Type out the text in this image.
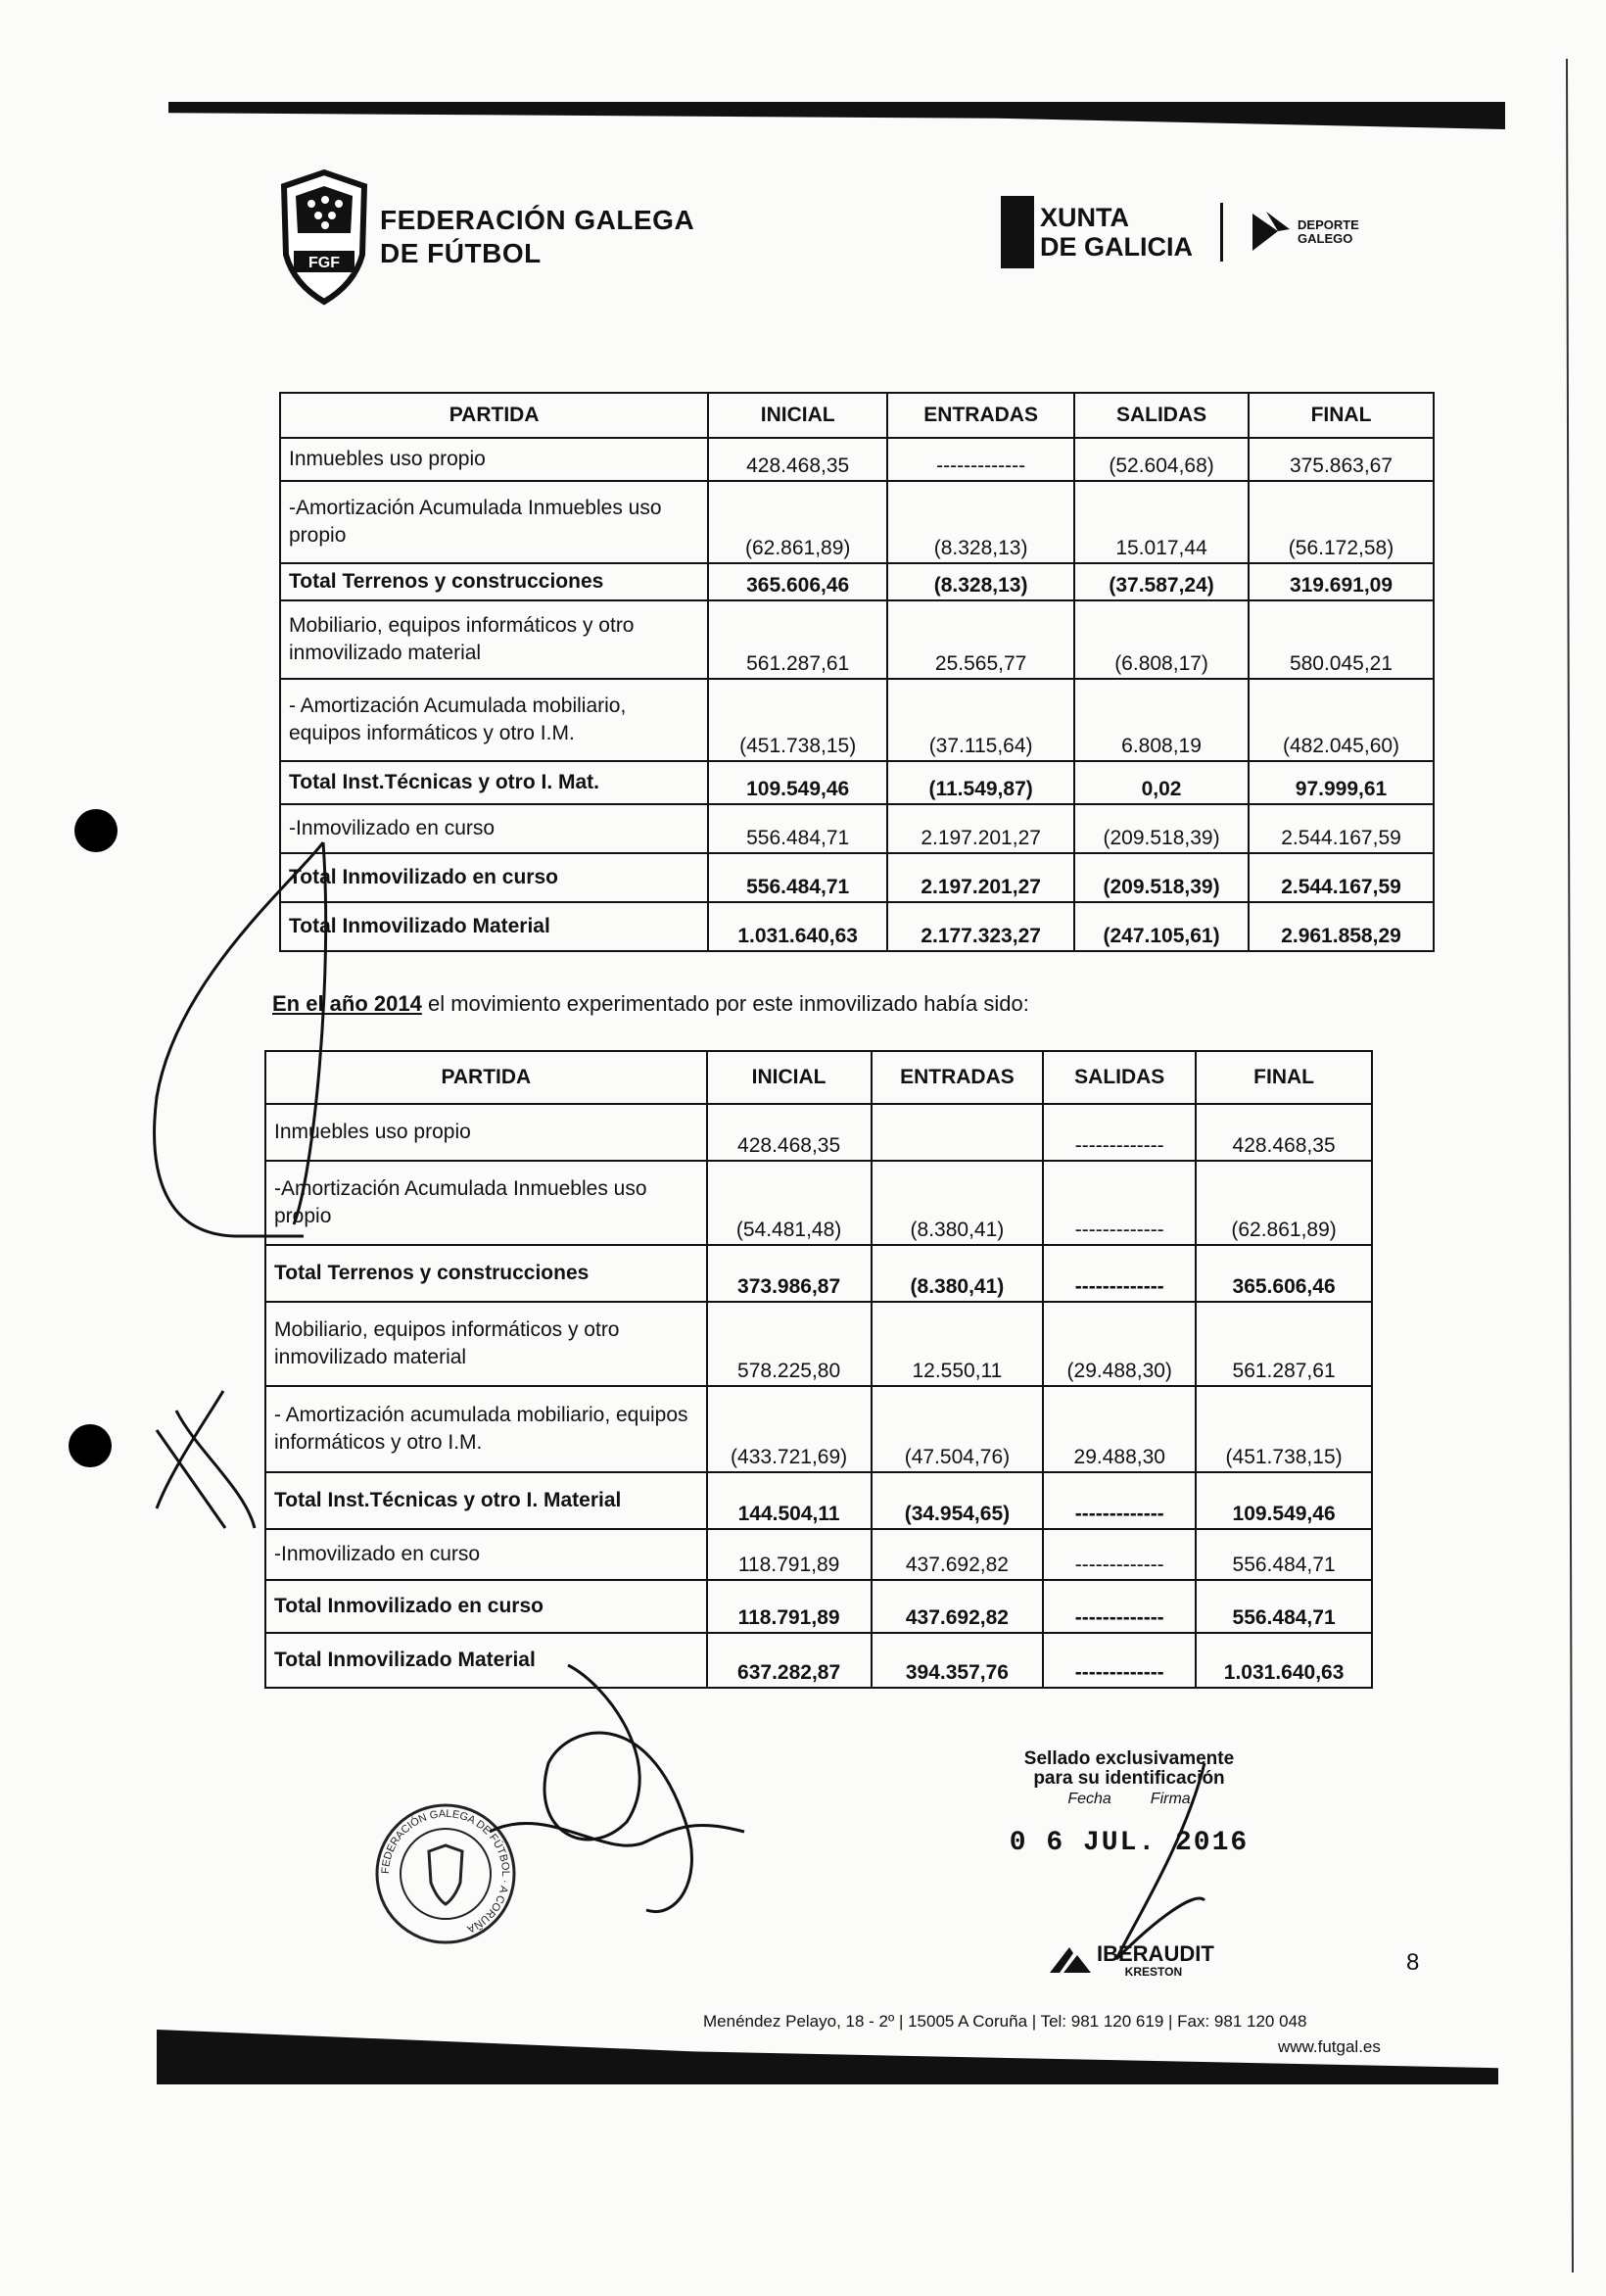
FGF
FEDERACIÓN GALEGA
DE FÚTBOL
XUNTA
DE GALICIA
DEPORTE
GALEGO
PARTIDA	INICIAL	ENTRADAS	SALIDAS	FINAL
Inmuebles uso propio	428.468,35	-------------	(52.604,68)	375.863,67
-Amortización Acumulada Inmuebles uso propio	(62.861,89)	(8.328,13)	15.017,44	(56.172,58)
Total Terrenos y construcciones	365.606,46	(8.328,13)	(37.587,24)	319.691,09
Mobiliario, equipos informáticos y otro inmovilizado material	561.287,61	25.565,77	(6.808,17)	580.045,21
- Amortización Acumulada mobiliario, equipos informáticos y otro I.M.	(451.738,15)	(37.115,64)	6.808,19	(482.045,60)
Total Inst.Técnicas y otro I. Mat.	109.549,46	(11.549,87)	0,02	97.999,61
-Inmovilizado en curso	556.484,71	2.197.201,27	(209.518,39)	2.544.167,59
Total Inmovilizado en curso	556.484,71	2.197.201,27	(209.518,39)	2.544.167,59
Total Inmovilizado Material	1.031.640,63	2.177.323,27	(247.105,61)	2.961.858,29
En el año 2014 el movimiento experimentado por este inmovilizado había sido:
PARTIDA	INICIAL	ENTRADAS	SALIDAS	FINAL
Inmuebles uso propio	428.468,35		-------------	428.468,35
-Amortización Acumulada Inmuebles uso propio	(54.481,48)	(8.380,41)	-------------	(62.861,89)
Total Terrenos y construcciones	373.986,87	(8.380,41)	-------------	365.606,46
Mobiliario, equipos informáticos y otro inmovilizado material	578.225,80	12.550,11	(29.488,30)	561.287,61
- Amortización acumulada mobiliario, equipos informáticos y otro I.M.	(433.721,69)	(47.504,76)	29.488,30	(451.738,15)
Total Inst.Técnicas y otro I. Material	144.504,11	(34.954,65)	-------------	109.549,46
-Inmovilizado en curso	118.791,89	437.692,82	-------------	556.484,71
Total Inmovilizado en curso	118.791,89	437.692,82	-------------	556.484,71
Total Inmovilizado Material	637.282,87	394.357,76	-------------	1.031.640,63
FEDERACIÓN GALEGA DE FÚTBOL · A CORUÑA
Sellado exclusivamente
para su identificación
Fecha	Firma
0 6 JUL. 2016
IBERAUDIT
KRESTON	8
Menéndez Pelayo, 18 - 2º | 15005 A Coruña | Tel: 981 120 619 | Fax: 981 120 048
www.futgal.es
